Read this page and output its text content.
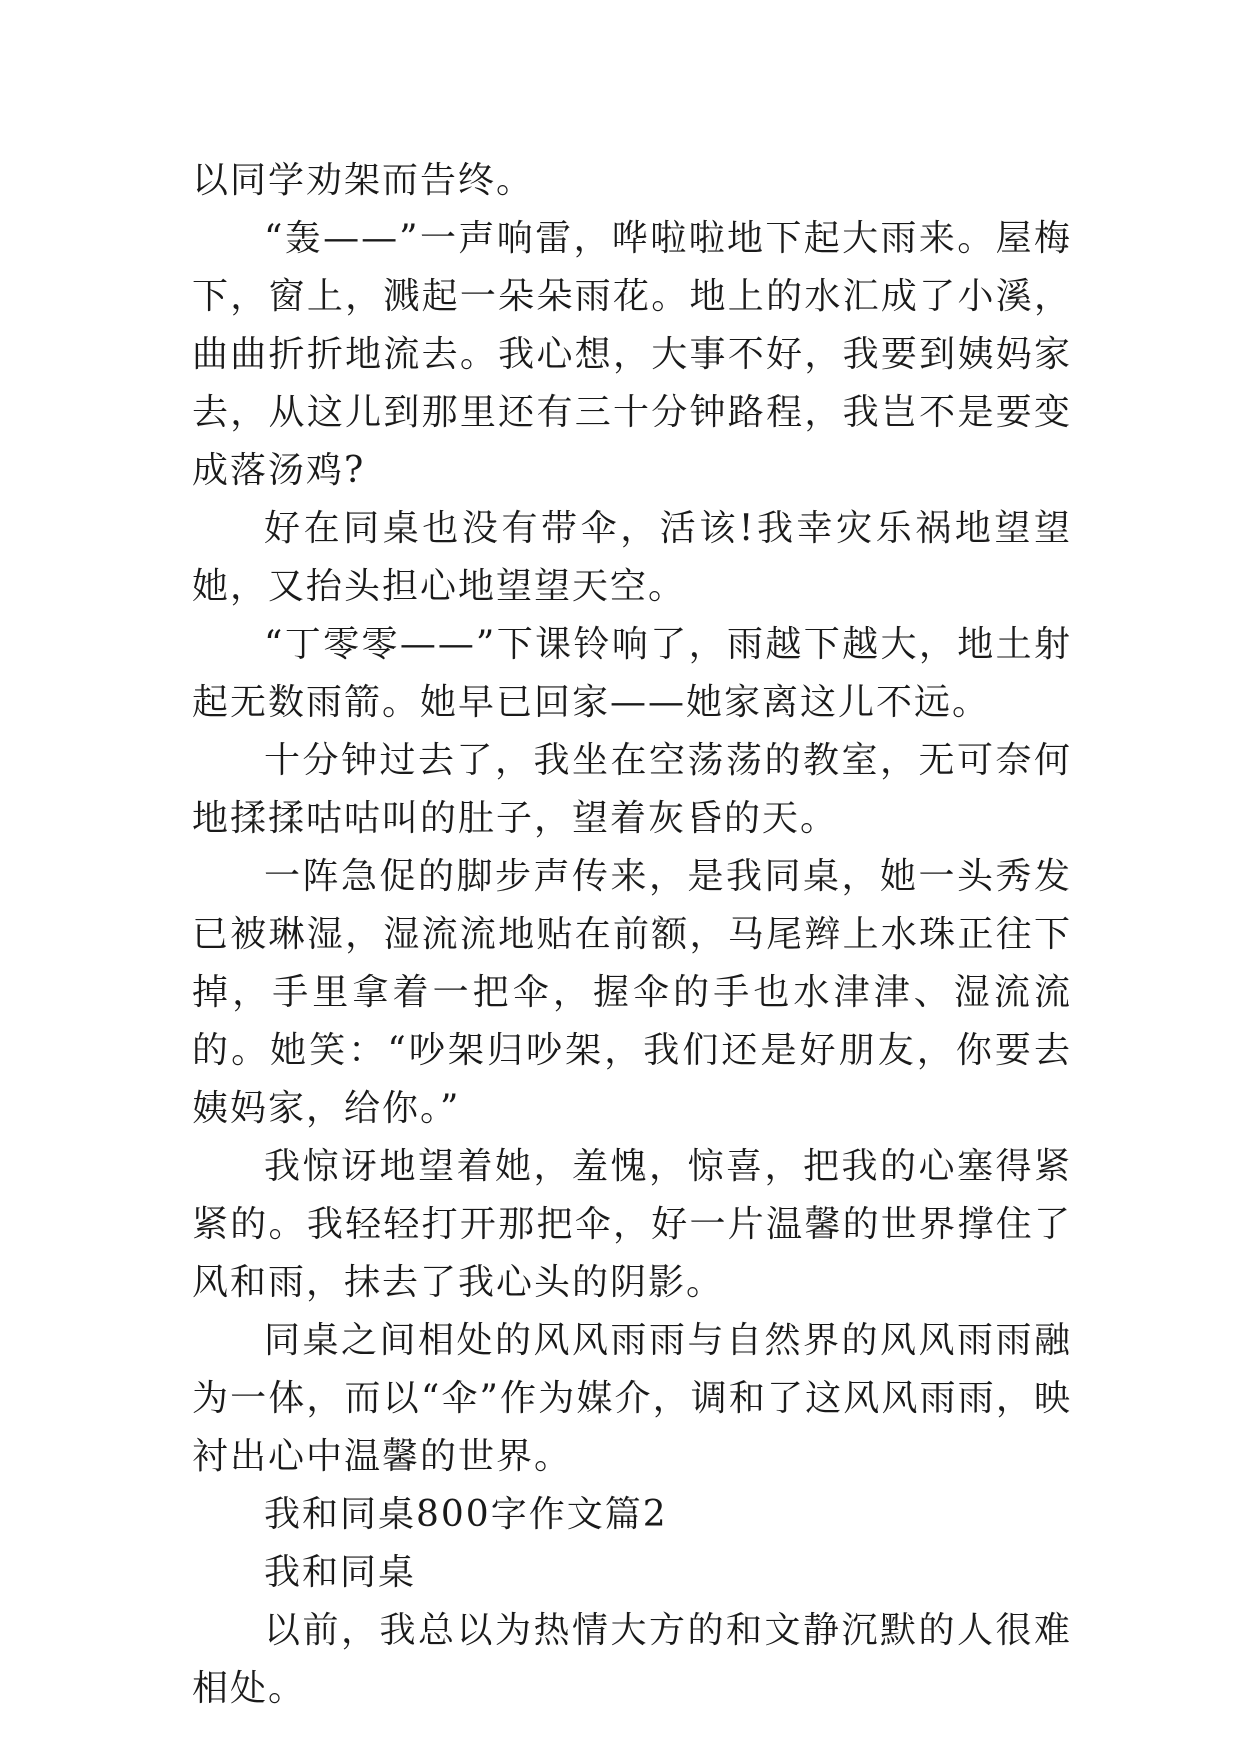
以同学劝架而告终。

“轰——”一声响雷，哗啦啦地下起大雨来。屋梅下，窗上，溅起一朵朵雨花。地上的水汇成了小溪，曲曲折折地流去。我心想，大事不好，我要到姨妈家去，从这儿到那里还有三十分钟路程，我岂不是要变成落汤鸡?

好在同桌也没有带伞，活该!我幸灾乐祸地望望她，又抬头担心地望望天空。

“丁零零——”下课铃响了，雨越下越大，地土射起无数雨箭。她早已回家——她家离这儿不远。

十分钟过去了，我坐在空荡荡的教室，无可奈何地揉揉咕咕叫的肚子，望着灰昏的天。

一阵急促的脚步声传来，是我同桌，她一头秀发已被琳湿，湿流流地贴在前额，马尾辫上水珠正往下掉，手里拿着一把伞，握伞的手也水津津、湿流流的。她笑：“吵架归吵架，我们还是好朋友，你要去姨妈家，给你。”

我惊讶地望着她，羞愧，惊喜，把我的心塞得紧紧的。我轻轻打开那把伞，好一片温馨的世界撑住了风和雨，抹去了我心头的阴影。

同桌之间相处的风风雨雨与自然界的风风雨雨融为一体，而以“伞”作为媒介，调和了这风风雨雨，映衬出心中温馨的世界。

我和同桌800字作文篇2

我和同桌

以前，我总以为热情大方的和文静沉默的人很难相处。
